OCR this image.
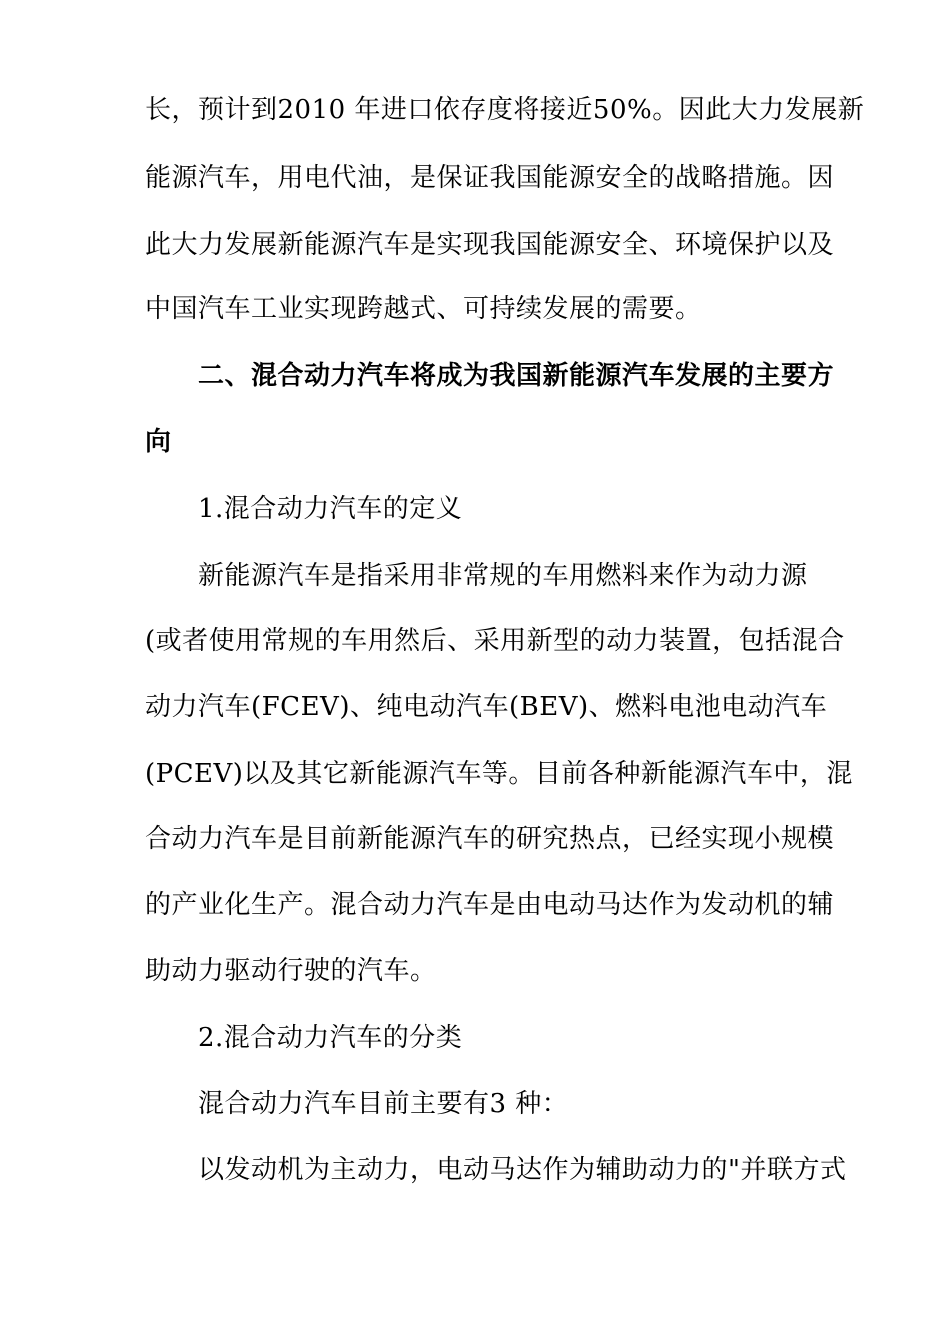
长，预计到2010 年进口依存度将接近50%。因此大力发展新

能源汽车，用电代油，是保证我国能源安全的战略措施。因

此大力发展新能源汽车是实现我国能源安全、环境保护以及

中国汽车工业实现跨越式、可持续发展的需要。

二、混合动力汽车将成为我国新能源汽车发展的主要方

向

1.混合动力汽车的定义

新能源汽车是指采用非常规的车用燃料来作为动力源

(或者使用常规的车用然后、采用新型的动力装置，包括混合

动力汽车(FCEV)、纯电动汽车(BEV)、燃料电池电动汽车

(PCEV)以及其它新能源汽车等。目前各种新能源汽车中，混

合动力汽车是目前新能源汽车的研究热点，已经实现小规模

的产业化生产。混合动力汽车是由电动马达作为发动机的辅

助动力驱动行驶的汽车。

2.混合动力汽车的分类

混合动力汽车目前主要有3 种：

以发动机为主动力，电动马达作为辅助动力的"并联方式
